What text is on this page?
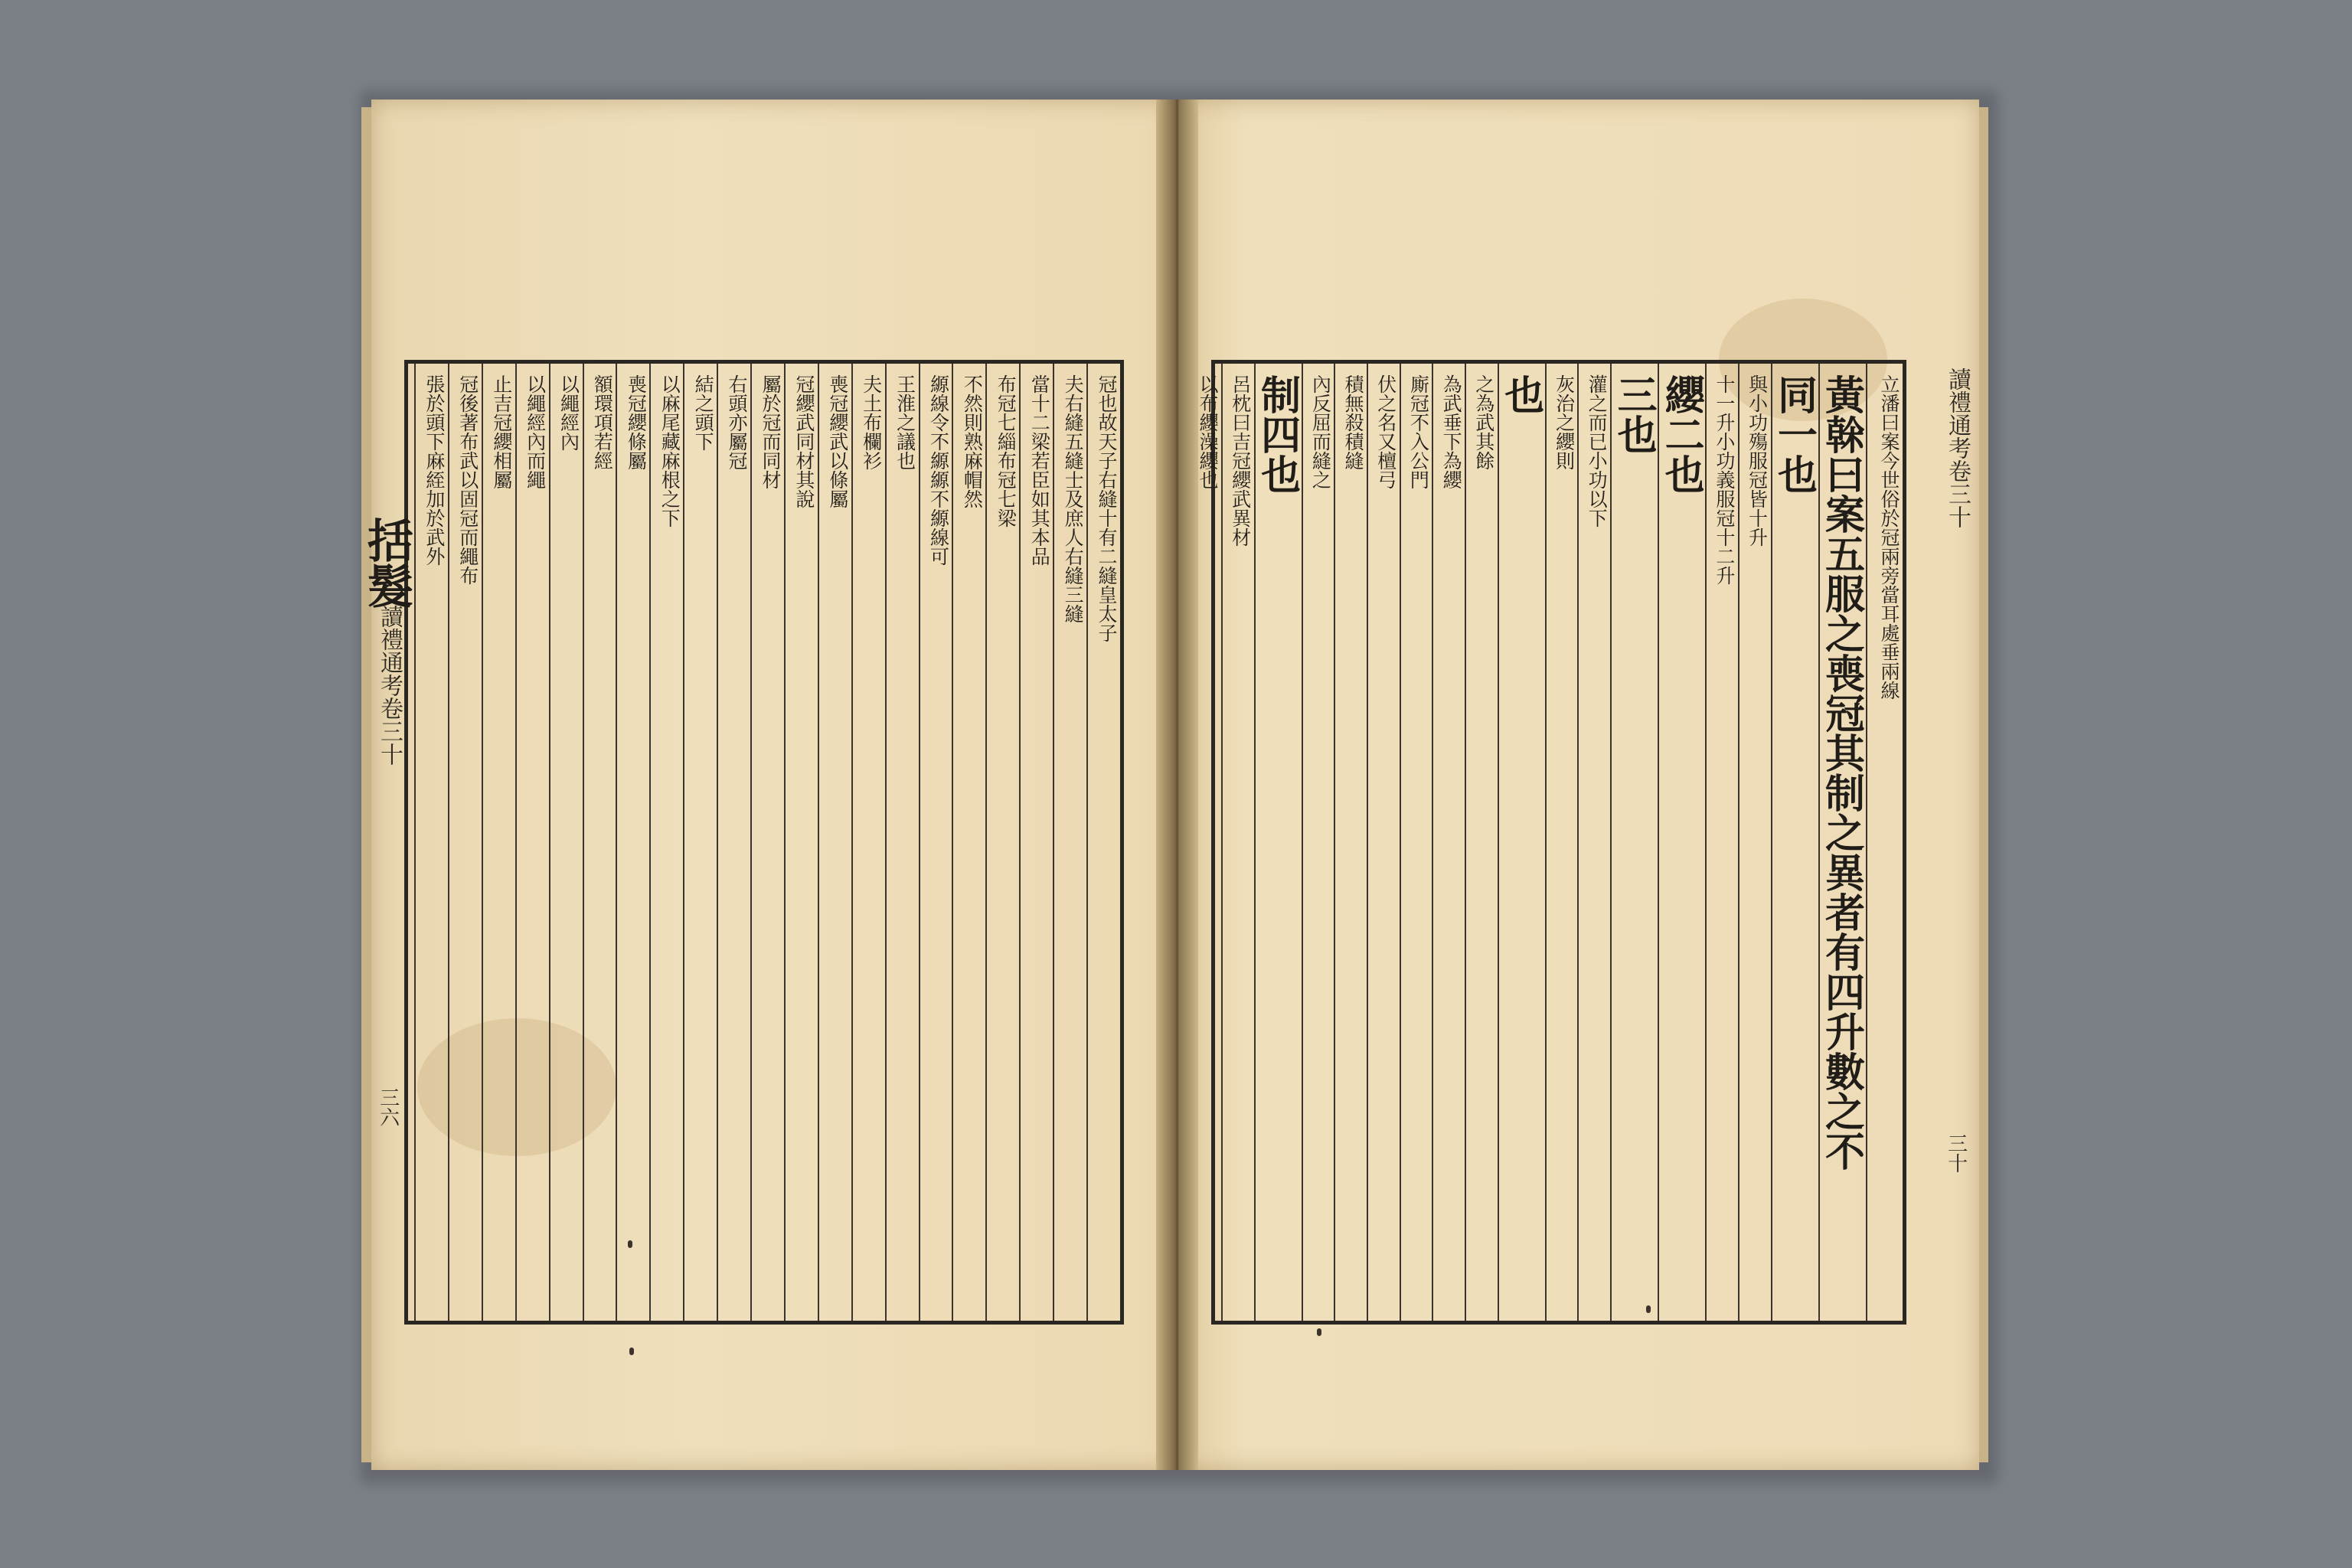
冠也故天子右縫十有二縫皇太子
夫右縫五縫士及庶人右縫三縫
當十二梁若臣如其本品
布冠七緇布冠七梁
不然則熟麻帽然
縓線令不縓縓不縓線可
王淮之議也
夫土布欄衫
喪冠纓武以條屬
冠纓武同材其說
屬於冠而同材
右頭亦屬冠
結之頭下
以麻尾藏麻根之下
喪冠纓條屬
額環項若經
以繩經內
以繩經內而繩
止吉冠纓相屬
冠後著布武以固冠而繩布
張於頭下麻絰加於武外
讀禮通考卷三十
三六
立潘曰案今世俗於冠兩旁當耳處垂兩線
黃榦曰案五服之喪冠其制之異者有四升數之不
同一也
與小功殤服冠皆十升
十一升小功義服冠十二升
纓二也
三也
灌之而已小功以下
灰治之纓則
也
之為武其餘
為武垂下為纓
廝冠不入公門
伏之名又檀弓
積無殺積縫
內反屈而縫之
制四也
呂枕曰吉冠纓武異材	讀禮通考卷三十
三十
